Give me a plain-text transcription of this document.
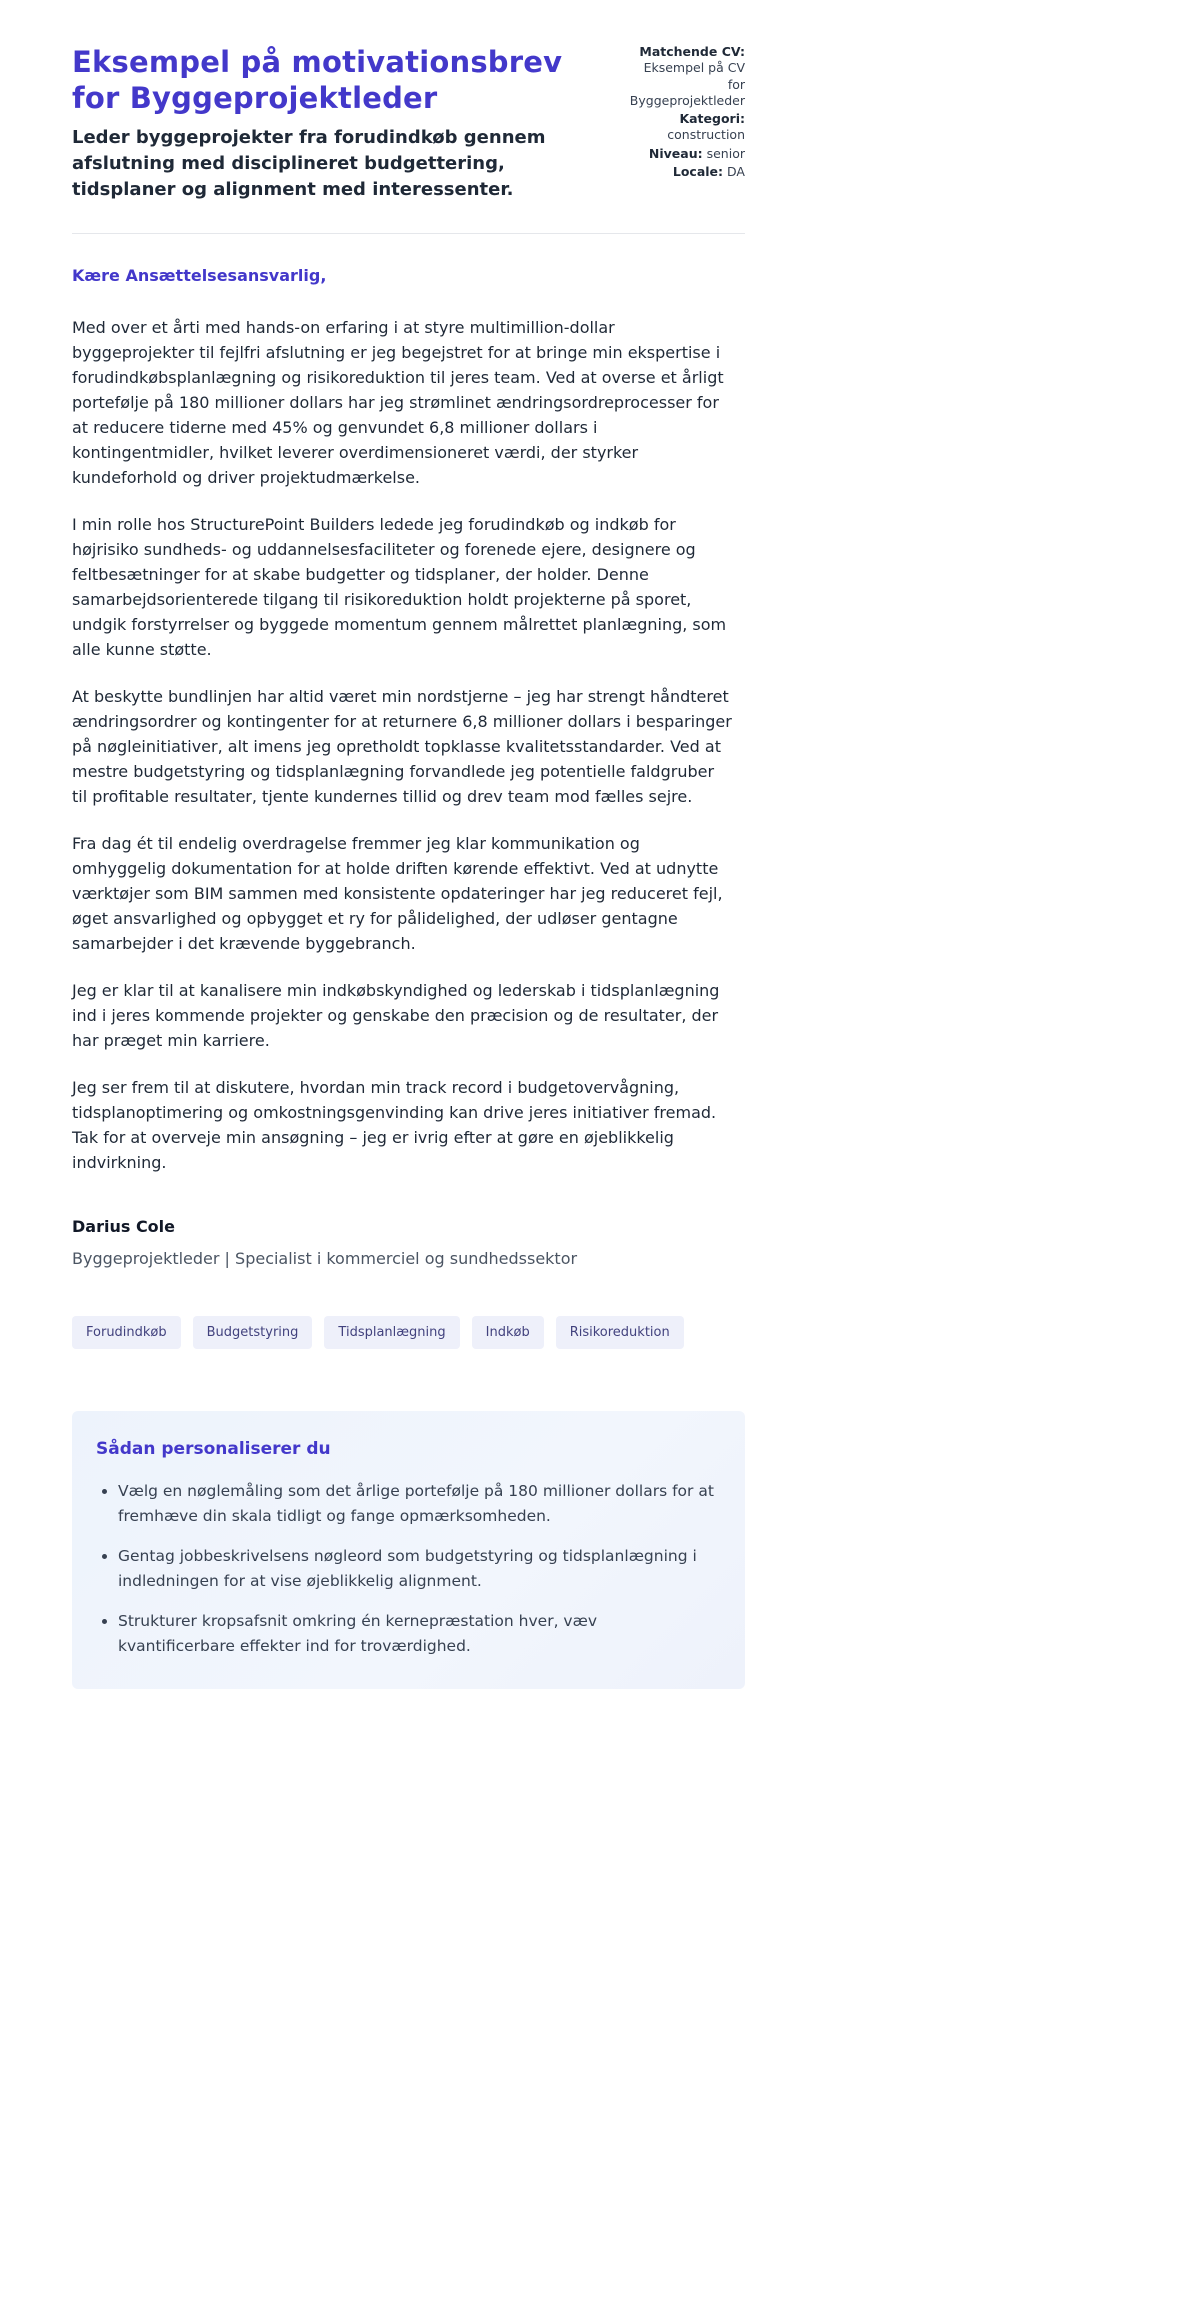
Eksempel på motivationsbrev for Byggeprojektleder
Leder byggeprojekter fra forudindkøb gennem afslutning med disciplineret budgettering, tidsplaner og alignment med interessenter.
Matchende CV: Eksempel på CV for Byggeprojektleder
Kategori: construction
Niveau: senior
Locale: DA
Kære Ansættelsesansvarlig,

Med over et årti med hands-on erfaring i at styre multimillion-dollar byggeprojekter til fejlfri afslutning er jeg begejstret for at bringe min ekspertise i forudindkøbsplanlægning og risikoreduktion til jeres team. Ved at overse et årligt portefølje på 180 millioner dollars har jeg strømlinet ændringsordreprocesser for at reducere tiderne med 45% og genvundet 6,8 millioner dollars i kontingentmidler, hvilket leverer overdimensioneret værdi, der styrker kundeforhold og driver projektudmærkelse.

I min rolle hos StructurePoint Builders ledede jeg forudindkøb og indkøb for højrisiko sundheds- og uddannelsesfaciliteter og forenede ejere, designere og feltbesætninger for at skabe budgetter og tidsplaner, der holder. Denne samarbejdsorienterede tilgang til risikoreduktion holdt projekterne på sporet, undgik forstyrrelser og byggede momentum gennem målrettet planlægning, som alle kunne støtte.

At beskytte bundlinjen har altid været min nordstjerne – jeg har strengt håndteret ændringsordrer og kontingenter for at returnere 6,8 millioner dollars i besparinger på nøgleinitiativer, alt imens jeg opretholdt topklasse kvalitetsstandarder. Ved at mestre budgetstyring og tidsplanlægning forvandlede jeg potentielle faldgruber til profitable resultater, tjente kundernes tillid og drev team mod fælles sejre.

Fra dag ét til endelig overdragelse fremmer jeg klar kommunikation og omhyggelig dokumentation for at holde driften kørende effektivt. Ved at udnytte værktøjer som BIM sammen med konsistente opdateringer har jeg reduceret fejl, øget ansvarlighed og opbygget et ry for pålidelighed, der udløser gentagne samarbejder i det krævende byggebranch.

Jeg er klar til at kanalisere min indkøbskyndighed og lederskab i tidsplanlægning ind i jeres kommende projekter og genskabe den præcision og de resultater, der har præget min karriere.

Jeg ser frem til at diskutere, hvordan min track record i budgetovervågning, tidsplanoptimering og omkostningsgenvinding kan drive jeres initiativer fremad. Tak for at overveje min ansøgning – jeg er ivrig efter at gøre en øjeblikkelig indvirkning.

Darius Cole
Byggeprojektleder | Specialist i kommerciel og sundhedssektor
Forudindkøb	Budgetstyring	Tidsplanlægning	Indkøb	Risikoreduktion
Sådan personaliserer du
• Vælg en nøglemåling som det årlige portefølje på 180 millioner dollars for at fremhæve din skala tidligt og fange opmærksomheden.
• Gentag jobbeskrivelsens nøgleord som budgetstyring og tidsplanlægning i indledningen for at vise øjeblikkelig alignment.
• Strukturer kropsafsnit omkring én kernepræstation hver, væv kvantificerbare effekter ind for troværdighed.
